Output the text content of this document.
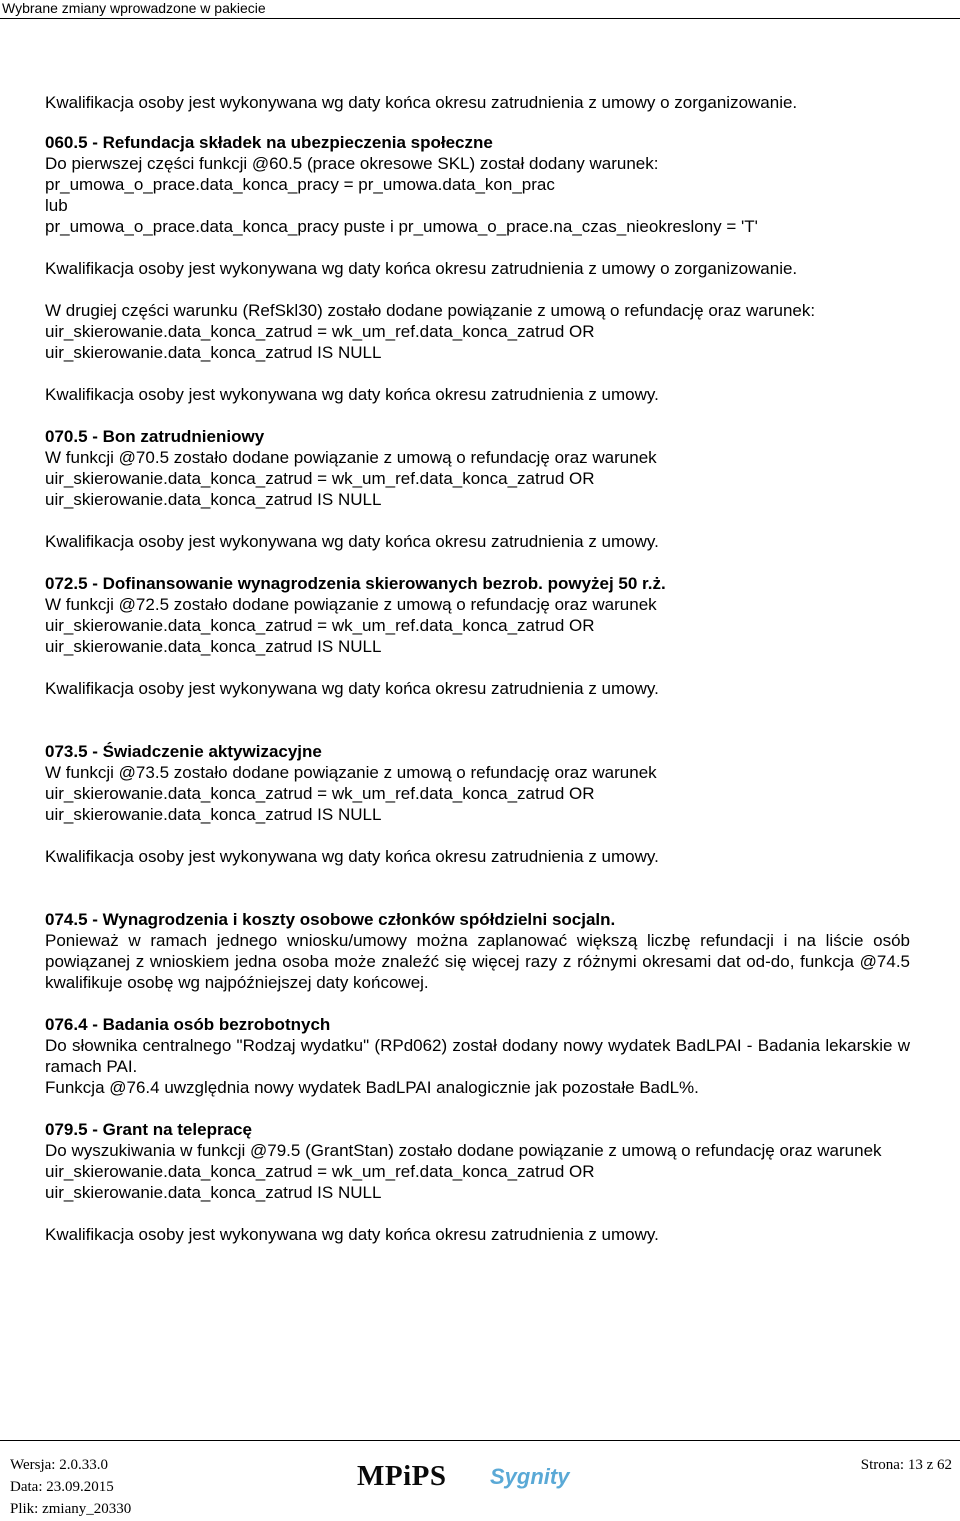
Wybrane zmiany wprowadzone w pakiecie
Kwalifikacja osoby jest wykonywana wg daty końca okresu zatrudnienia z umowy o zorganizowanie.
060.5 - Refundacja składek na ubezpieczenia społeczne
Do pierwszej części funkcji @60.5 (prace okresowe SKL) został dodany warunek:
pr_umowa_o_prace.data_konca_pracy = pr_umowa.data_kon_prac
lub
pr_umowa_o_prace.data_konca_pracy puste i pr_umowa_o_prace.na_czas_nieokreslony = 'T'
Kwalifikacja osoby jest wykonywana wg daty końca okresu zatrudnienia z umowy o zorganizowanie.
W drugiej części warunku (RefSkl30) zostało dodane powiązanie z umową o refundację oraz warunek:
uir_skierowanie.data_konca_zatrud = wk_um_ref.data_konca_zatrud OR
uir_skierowanie.data_konca_zatrud IS NULL
Kwalifikacja osoby jest wykonywana wg daty końca okresu zatrudnienia z umowy.
070.5 - Bon zatrudnieniowy
W funkcji @70.5 zostało dodane powiązanie z umową o refundację oraz warunek
uir_skierowanie.data_konca_zatrud = wk_um_ref.data_konca_zatrud OR
uir_skierowanie.data_konca_zatrud IS NULL
Kwalifikacja osoby jest wykonywana wg daty końca okresu zatrudnienia z umowy.
072.5 - Dofinansowanie wynagrodzenia skierowanych bezrob. powyżej 50 r.ż.
W funkcji @72.5 zostało dodane powiązanie z umową o refundację oraz warunek
uir_skierowanie.data_konca_zatrud = wk_um_ref.data_konca_zatrud OR
uir_skierowanie.data_konca_zatrud IS NULL
Kwalifikacja osoby jest wykonywana wg daty końca okresu zatrudnienia z umowy.
073.5 - Świadczenie aktywizacyjne
W funkcji @73.5 zostało dodane powiązanie z umową o refundację oraz warunek
uir_skierowanie.data_konca_zatrud = wk_um_ref.data_konca_zatrud OR
uir_skierowanie.data_konca_zatrud IS NULL
Kwalifikacja osoby jest wykonywana wg daty końca okresu zatrudnienia z umowy.
074.5 - Wynagrodzenia i koszty osobowe członków spółdzielni socjaln.
Ponieważ w ramach jednego wniosku/umowy można zaplanować większą liczbę refundacji i na liście osób powiązanej z wnioskiem jedna osoba może znaleźć się więcej razy z różnymi okresami dat od-do, funkcja @74.5 kwalifikuje osobę wg najpóźniejszej daty końcowej.
076.4 - Badania osób bezrobotnych
Do słownika centralnego "Rodzaj wydatku" (RPd062) został dodany nowy wydatek BadLPAI - Badania lekarskie w ramach PAI.
Funkcja @76.4 uwzględnia nowy wydatek BadLPAI analogicznie jak pozostałe BadL%.
079.5 - Grant na telepracę
Do wyszukiwania w funkcji @79.5 (GrantStan) zostało dodane powiązanie z umową o refundację oraz warunek
uir_skierowanie.data_konca_zatrud = wk_um_ref.data_konca_zatrud OR
uir_skierowanie.data_konca_zatrud IS NULL
Kwalifikacja osoby jest wykonywana wg daty końca okresu zatrudnienia z umowy.
Wersja: 2.0.33.0
Data: 23.09.2015
Plik: zmiany_20330
MPiPS Sygnity	Strona: 13 z 62
